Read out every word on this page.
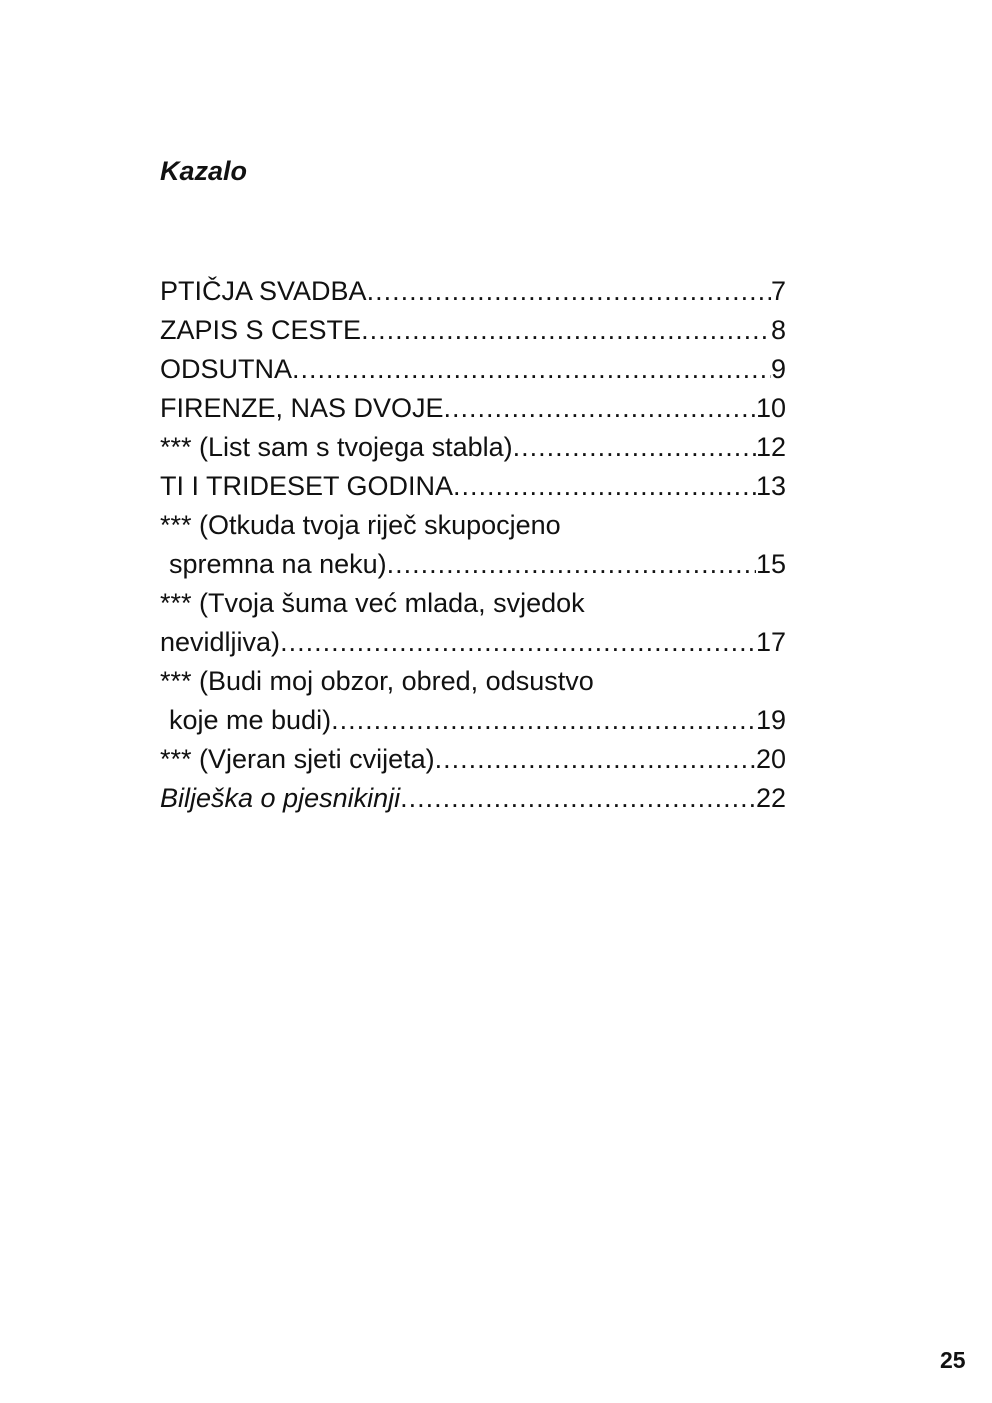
Kazalo
PTIČJA SVADBA .....	7
ZAPIS S CESTE .....	8
ODSUTNA .....	9
FIRENZE, NAS DVOJE .....	10
*** (List sam s tvojega stabla) .....	12
TI I TRIDESET GODINA .....	13
*** (Otkuda tvoja riječ skupocjeno
spremna na neku) .....	15
*** (Tvoja šuma već mlada, svjedok
nevidljiva) .....	17
*** (Budi moj obzor, obred, odsustvo
koje me budi) .....	19
*** (Vjeran sjeti cvijeta) .....	20
Bilješka o pjesnikinji .....	22
25
